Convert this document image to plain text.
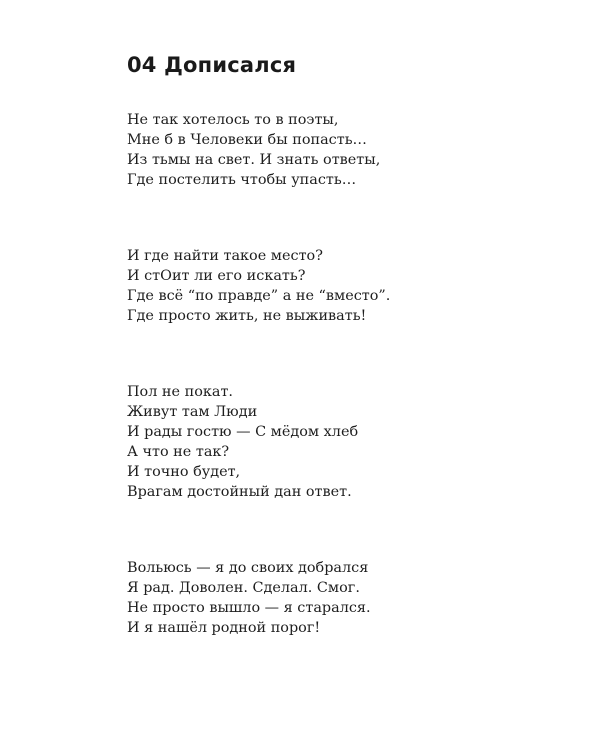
04 Дописался
Не так хотелось то в поэты,
Мне б в Человеки бы попасть…
Из тьмы на свет. И знать ответы,
Где постелить чтобы упасть…
И где найти такое место?
И стОит ли его искать?
Где всё “по правде” а не “вместо”.
Где просто жить, не выживать!
Пол не покат.
Живут там Люди
И рады гостю — С мёдом хлеб
А что не так?
И точно будет,
Врагам достойный дан ответ.
Вольюсь — я до своих добрался
Я рад. Доволен. Сделал. Смог.
Не просто вышло — я старался.
И я нашёл родной порог!
